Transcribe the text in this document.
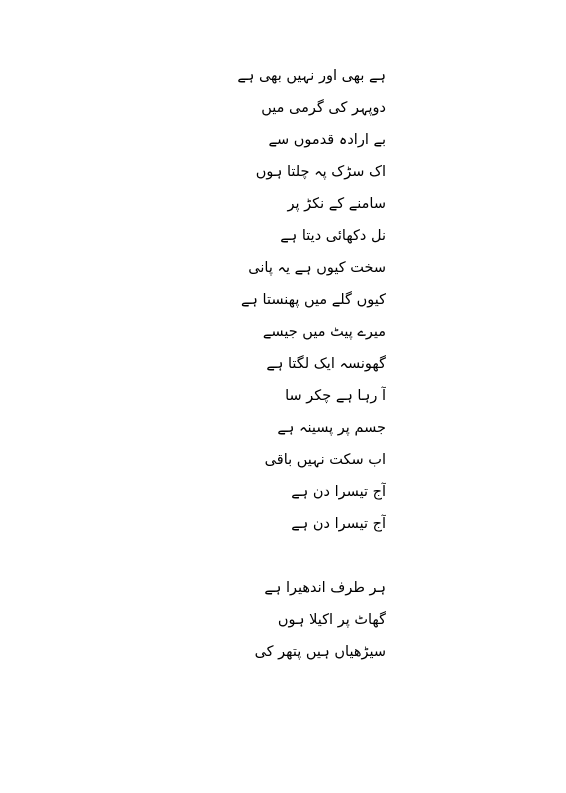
ہے بھی اور نہیں بھی ہے
دوپہر کی گرمی میں
بے ارادہ قدموں سے
اک سڑک پہ چلتا ہوں
سامنے کے نکڑ پر
نل دکھائی دیتا ہے
سخت کیوں ہے یہ پانی
کیوں گلے میں پھنستا ہے
میرے پیٹ میں جیسے
گھونسہ ایک لگتا ہے
آ رہا ہے چکر سا
جسم پر پسینہ ہے
اب سکت نہیں باقی
آج تیسرا دن ہے
آج تیسرا دن ہے
ہر طرف اندھیرا ہے
گھاٹ پر اکیلا ہوں
سیڑھیاں ہیں پتھر کی
